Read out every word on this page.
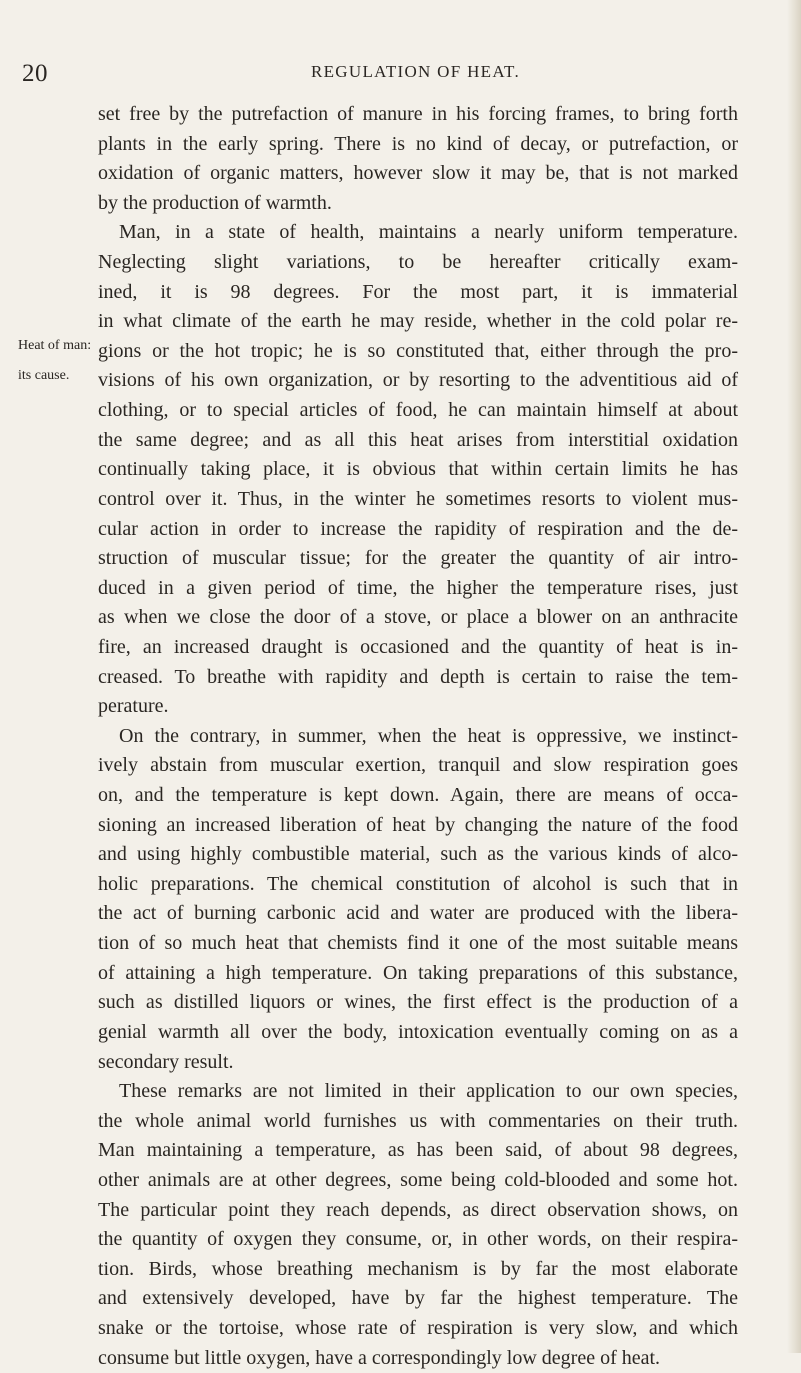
20	REGULATION OF HEAT.
Heat of man:
its cause.
set free by the putrefaction of manure in his forcing frames, to bring forth
plants in the early spring. There is no kind of decay, or putrefaction, or
oxidation of organic matters, however slow it may be, that is not marked
by the production of warmth.
Man, in a state of health, maintains a nearly uniform temperature.
Neglecting slight variations, to be hereafter critically exam-
ined, it is 98 degrees. For the most part, it is immaterial
in what climate of the earth he may reside, whether in the cold polar re-
gions or the hot tropic; he is so constituted that, either through the pro-
visions of his own organization, or by resorting to the adventitious aid of
clothing, or to special articles of food, he can maintain himself at about
the same degree; and as all this heat arises from interstitial oxidation
continually taking place, it is obvious that within certain limits he has
control over it. Thus, in the winter he sometimes resorts to violent mus-
cular action in order to increase the rapidity of respiration and the de-
struction of muscular tissue; for the greater the quantity of air intro-
duced in a given period of time, the higher the temperature rises, just
as when we close the door of a stove, or place a blower on an anthracite
fire, an increased draught is occasioned and the quantity of heat is in-
creased. To breathe with rapidity and depth is certain to raise the tem-
perature.
On the contrary, in summer, when the heat is oppressive, we instinct-
ively abstain from muscular exertion, tranquil and slow respiration goes
on, and the temperature is kept down. Again, there are means of occa-
sioning an increased liberation of heat by changing the nature of the food
and using highly combustible material, such as the various kinds of alco-
holic preparations. The chemical constitution of alcohol is such that in
the act of burning carbonic acid and water are produced with the libera-
tion of so much heat that chemists find it one of the most suitable means
of attaining a high temperature. On taking preparations of this substance,
such as distilled liquors or wines, the first effect is the production of a
genial warmth all over the body, intoxication eventually coming on as a
secondary result.
These remarks are not limited in their application to our own species,
the whole animal world furnishes us with commentaries on their truth.
Man maintaining a temperature, as has been said, of about 98 degrees,
other animals are at other degrees, some being cold-blooded and some hot.
The particular point they reach depends, as direct observation shows, on
the quantity of oxygen they consume, or, in other words, on their respira-
tion. Birds, whose breathing mechanism is by far the most elaborate
and extensively developed, have by far the highest temperature. The
snake or the tortoise, whose rate of respiration is very slow, and which
consume but little oxygen, have a correspondingly low degree of heat.
